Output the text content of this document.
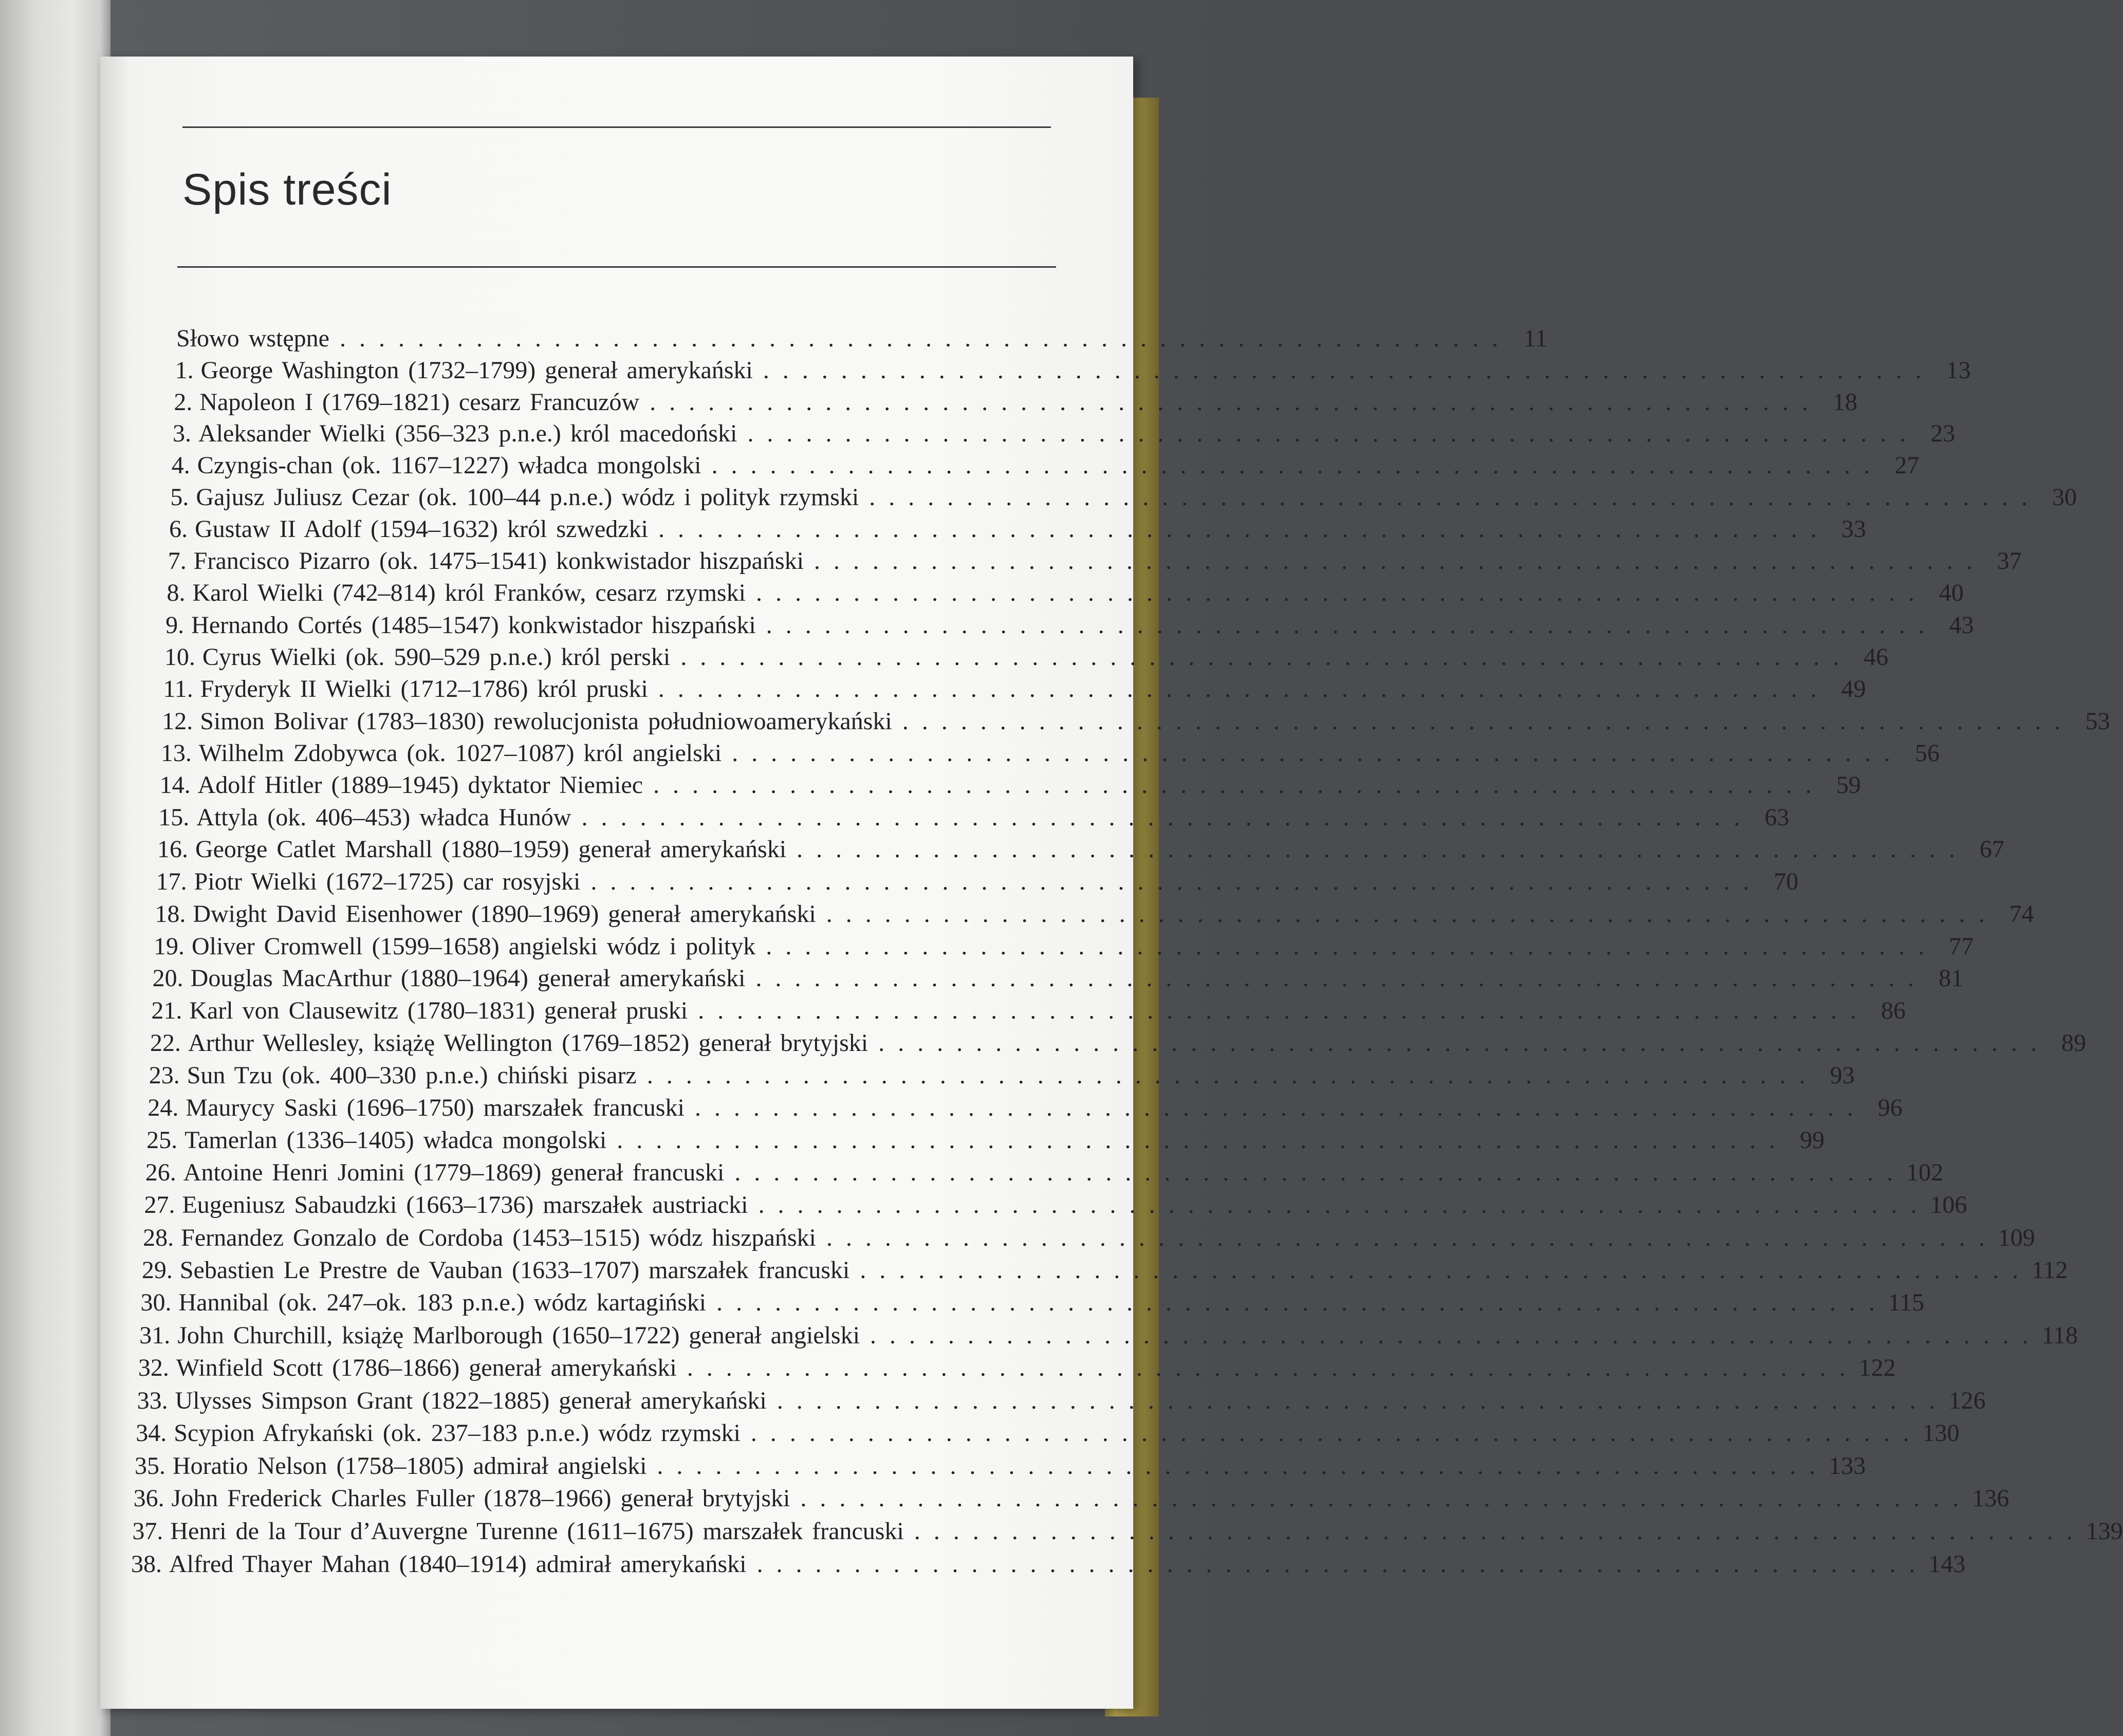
Spis treści
Słowo wstępne ............................................................ 11
1. George Washington (1732–1799) generał amerykański ............................................................ 13
2. Napoleon I (1769–1821) cesarz Francuzów ............................................................ 18
3. Aleksander Wielki (356–323 p.n.e.) król macedoński ............................................................ 23
4. Czyngis-chan (ok. 1167–1227) władca mongolski ............................................................ 27
5. Gajusz Juliusz Cezar (ok. 100–44 p.n.e.) wódz i polityk rzymski ............................................................ 30
6. Gustaw II Adolf (1594–1632) król szwedzki ............................................................ 33
7. Francisco Pizarro (ok. 1475–1541) konkwistador hiszpański ............................................................ 37
8. Karol Wielki (742–814) król Franków, cesarz rzymski ............................................................ 40
9. Hernando Cortés (1485–1547) konkwistador hiszpański ............................................................ 43
10. Cyrus Wielki (ok. 590–529 p.n.e.) król perski ............................................................ 46
11. Fryderyk II Wielki (1712–1786) król pruski ............................................................ 49
12. Simon Bolivar (1783–1830) rewolucjonista południowoamerykański ............................................................ 53
13. Wilhelm Zdobywca (ok. 1027–1087) król angielski ............................................................ 56
14. Adolf Hitler (1889–1945) dyktator Niemiec ............................................................ 59
15. Attyla (ok. 406–453) władca Hunów ............................................................ 63
16. George Catlet Marshall (1880–1959) generał amerykański ............................................................ 67
17. Piotr Wielki (1672–1725) car rosyjski ............................................................ 70
18. Dwight David Eisenhower (1890–1969) generał amerykański ............................................................ 74
19. Oliver Cromwell (1599–1658) angielski wódz i polityk ............................................................ 77
20. Douglas MacArthur (1880–1964) generał amerykański ............................................................ 81
21. Karl von Clausewitz (1780–1831) generał pruski ............................................................ 86
22. Arthur Wellesley, książę Wellington (1769–1852) generał brytyjski ............................................................ 89
23. Sun Tzu (ok. 400–330 p.n.e.) chiński pisarz ............................................................ 93
24. Maurycy Saski (1696–1750) marszałek francuski ............................................................ 96
25. Tamerlan (1336–1405) władca mongolski ............................................................ 99
26. Antoine Henri Jomini (1779–1869) generał francuski ............................................................ 102
27. Eugeniusz Sabaudzki (1663–1736) marszałek austriacki ............................................................ 106
28. Fernandez Gonzalo de Cordoba (1453–1515) wódz hiszpański ............................................................ 109
29. Sebastien Le Prestre de Vauban (1633–1707) marszałek francuski ............................................................ 112
30. Hannibal (ok. 247–ok. 183 p.n.e.) wódz kartagiński ............................................................ 115
31. John Churchill, książę Marlborough (1650–1722) generał angielski ............................................................ 118
32. Winfield Scott (1786–1866) generał amerykański ............................................................ 122
33. Ulysses Simpson Grant (1822–1885) generał amerykański ............................................................ 126
34. Scypion Afrykański (ok. 237–183 p.n.e.) wódz rzymski ............................................................ 130
35. Horatio Nelson (1758–1805) admirał angielski ............................................................ 133
36. John Frederick Charles Fuller (1878–1966) generał brytyjski ............................................................ 136
37. Henri de la Tour d’Auvergne Turenne (1611–1675) marszałek francuski ............................................................ 139
38. Alfred Thayer Mahan (1840–1914) admirał amerykański ............................................................ 143
